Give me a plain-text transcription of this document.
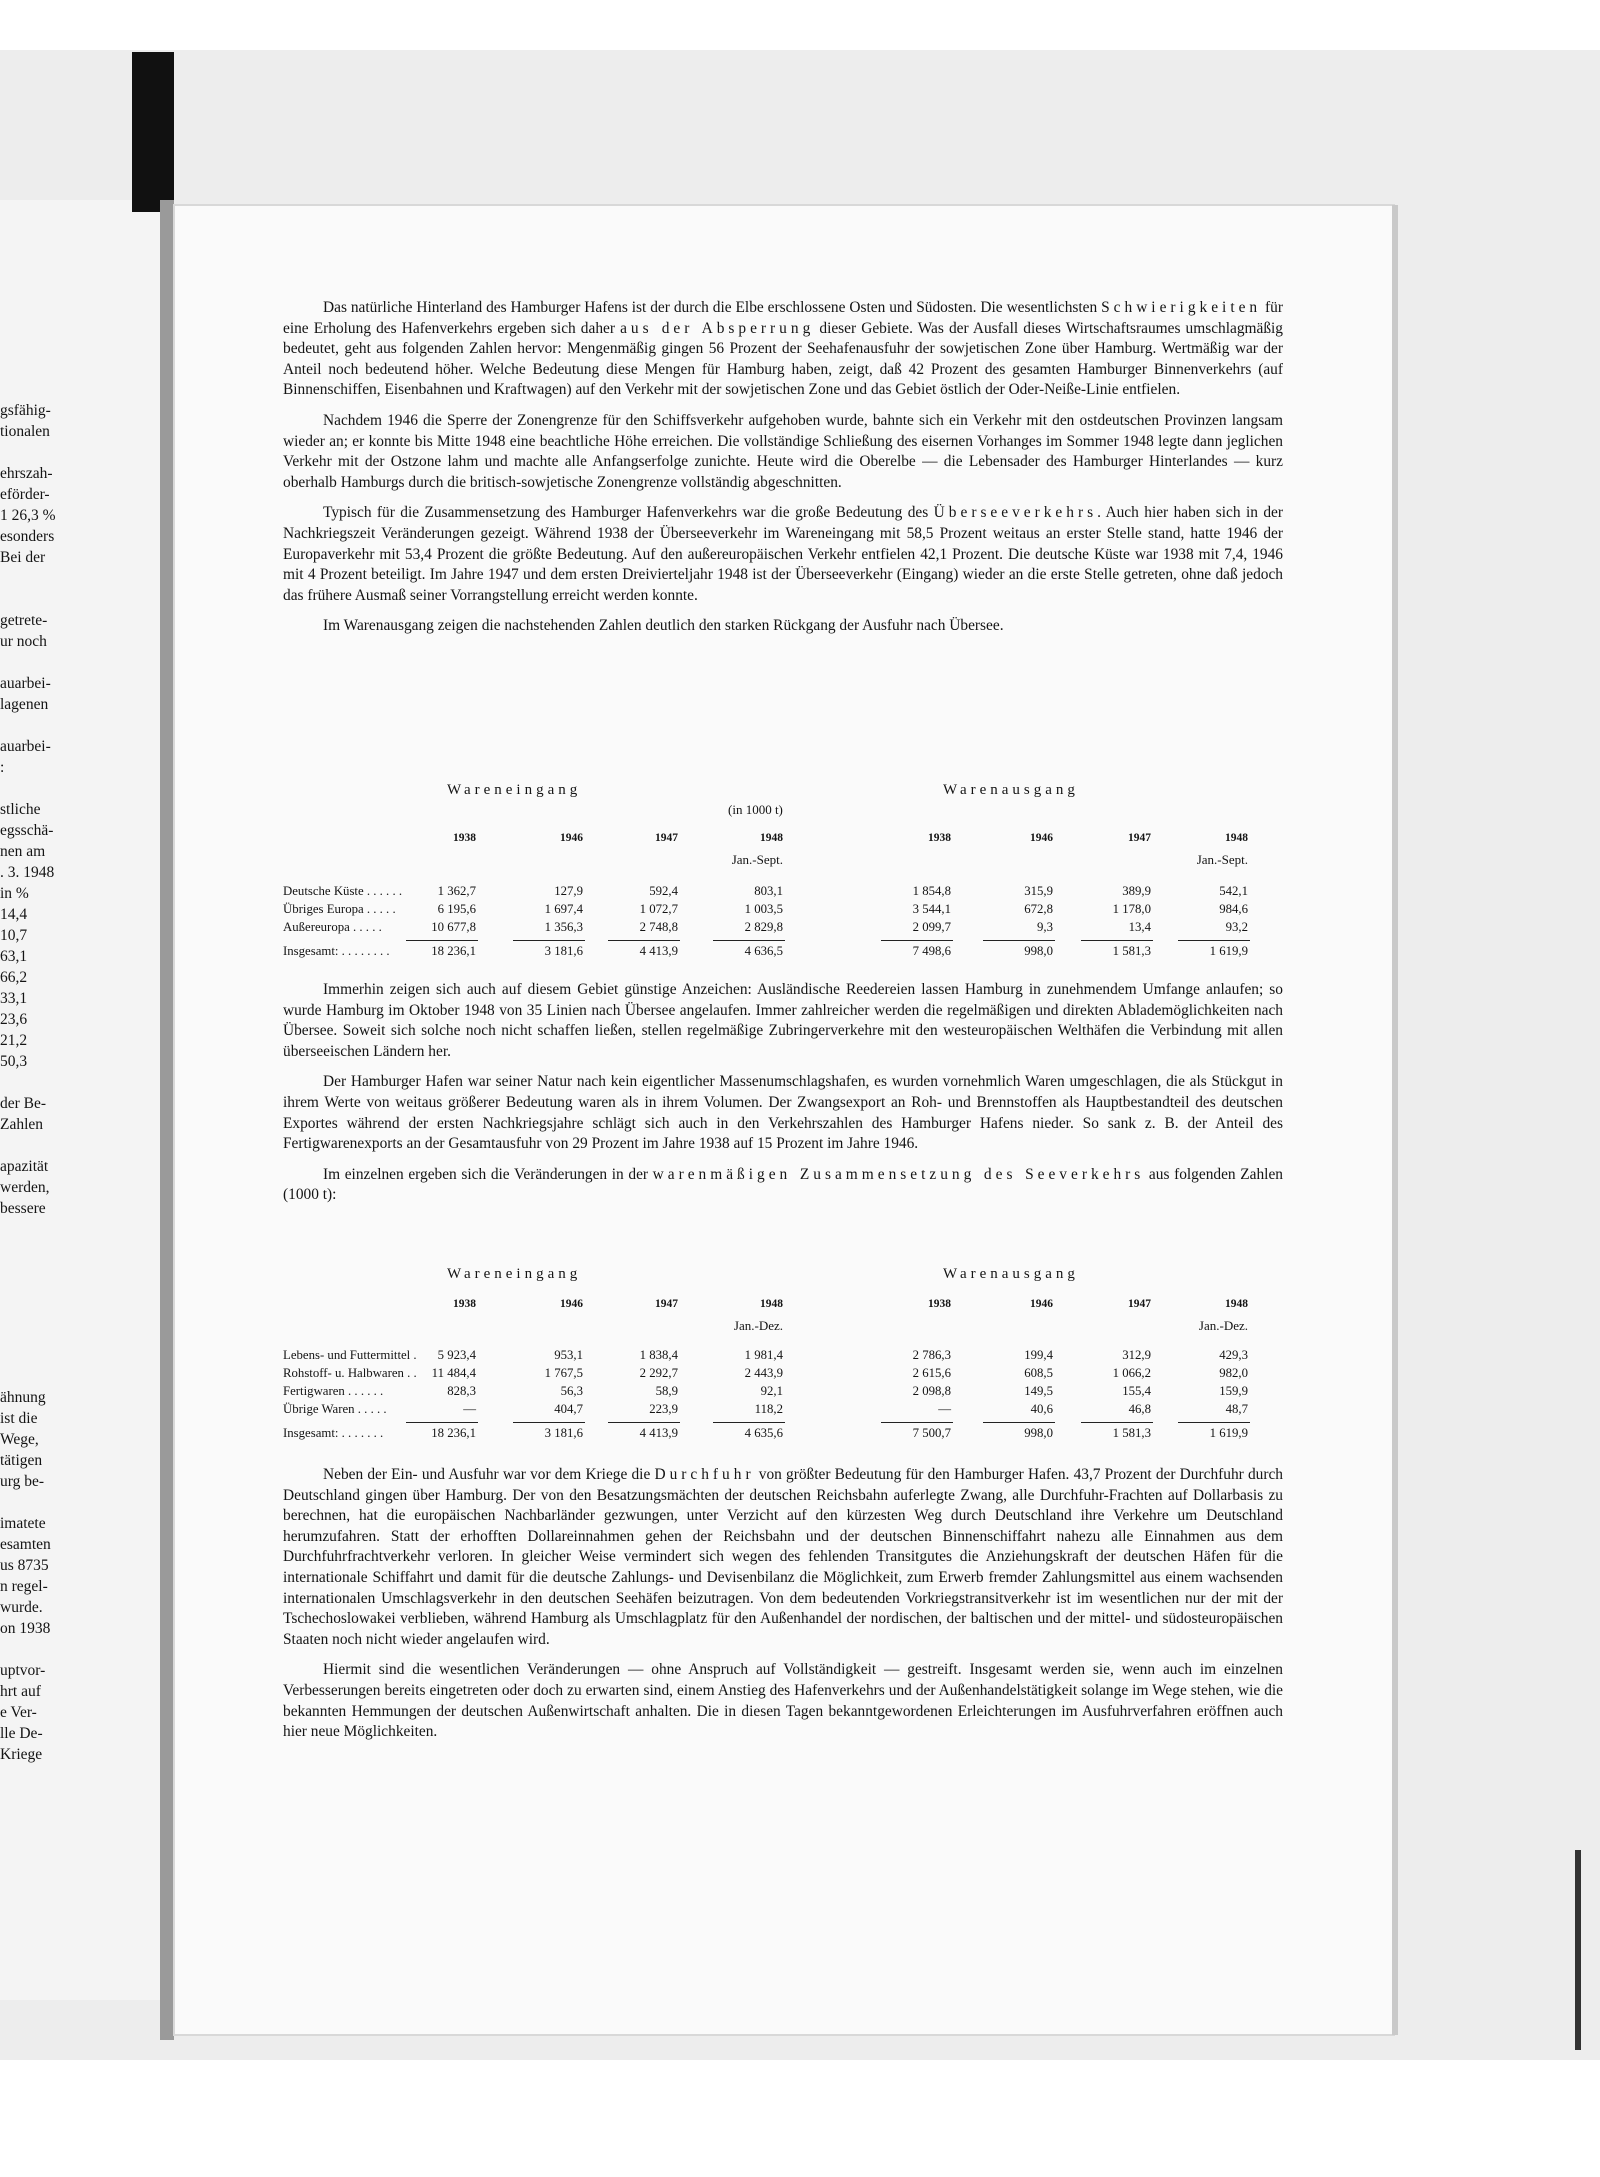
gsfähig-
tionalen
ehrszah-
eförder-
1 26,3 %
esonders
Bei der
getrete-
ur noch
auarbei-
lagenen
auarbei-
:
stliche
egsschä-
nen am
. 3. 1948
in %
14,4
10,7
63,1
66,2
33,1
23,6
21,2
50,3
der Be-
Zahlen
apazität
werden,
bessere
ähnung
ist die
Wege,
tätigen
urg be-
imatete
esamten
us 8735
n regel-
wurde.
on 1938
uptvor-
hrt auf
e Ver-
lle De-
Kriege

Das natürliche Hinterland des Hamburger Hafens ist der durch die Elbe erschlossene Osten und Südosten. Die wesentlichsten Schwierigkeiten für eine Erholung des Hafenverkehrs ergeben sich daher aus der Absperrung dieser Gebiete. Was der Ausfall dieses Wirtschaftsraumes umschlagmäßig bedeutet, geht aus folgenden Zahlen hervor: Mengenmäßig gingen 56 Prozent der Seehafenausfuhr der sowjetischen Zone über Hamburg. Wertmäßig war der Anteil noch bedeutend höher. Welche Bedeutung diese Mengen für Hamburg haben, zeigt, daß 42 Prozent des gesamten Hamburger Binnenverkehrs (auf Binnenschiffen, Eisenbahnen und Kraftwagen) auf den Verkehr mit der sowjetischen Zone und das Gebiet östlich der Oder-Neiße-Linie entfielen.

Nachdem 1946 die Sperre der Zonengrenze für den Schiffsverkehr aufgehoben wurde, bahnte sich ein Verkehr mit den ostdeutschen Provinzen langsam wieder an; er konnte bis Mitte 1948 eine beachtliche Höhe erreichen. Die vollständige Schließung des eisernen Vorhanges im Sommer 1948 legte dann jeglichen Verkehr mit der Ostzone lahm und machte alle Anfangserfolge zunichte. Heute wird die Oberelbe — die Lebensader des Hamburger Hinterlandes — kurz oberhalb Hamburgs durch die britisch-sowjetische Zonengrenze vollständig abgeschnitten.

Typisch für die Zusammensetzung des Hamburger Hafenverkehrs war die große Bedeutung des Überseeverkehrs. Auch hier haben sich in der Nachkriegszeit Veränderungen gezeigt. Während 1938 der Überseeverkehr im Wareneingang mit 58,5 Prozent weitaus an erster Stelle stand, hatte 1946 der Europaverkehr mit 53,4 Prozent die größte Bedeutung. Auf den außereuropäischen Verkehr entfielen 42,1 Prozent. Die deutsche Küste war 1938 mit 7,4, 1946 mit 4 Prozent beteiligt. Im Jahre 1947 und dem ersten Dreivierteljahr 1948 ist der Überseeverkehr (Eingang) wieder an die erste Stelle getreten, ohne daß jedoch das frühere Ausmaß seiner Vorrangstellung erreicht werden konnte.

Im Warenausgang zeigen die nachstehenden Zahlen deutlich den starken Rückgang der Ausfuhr nach Übersee.

Wareneingang	Warenausgang
(in 1000 t)
1938	1946	1947	1948	1938	1946	1947	1948
Jan.-Sept.	Jan.-Sept.
Deutsche Küste . . . . . .	1 362,7	127,9	592,4	803,1	1 854,8	315,9	389,9	542,1
Übriges Europa . . . . .	6 195,6	1 697,4	1 072,7	1 003,5	3 544,1	672,8	1 178,0	984,6
Außereuropa . . . . .	10 677,8	1 356,3	2 748,8	2 829,8	2 099,7	9,3	13,4	93,2
Insgesamt: . . . . . . . .	18 236,1	3 181,6	4 413,9	4 636,5	7 498,6	998,0	1 581,3	1 619,9

Immerhin zeigen sich auch auf diesem Gebiet günstige Anzeichen: Ausländische Reedereien lassen Hamburg in zunehmendem Umfange anlaufen; so wurde Hamburg im Oktober 1948 von 35 Linien nach Übersee angelaufen. Immer zahlreicher werden die regelmäßigen und direkten Ablademöglichkeiten nach Übersee. Soweit sich solche noch nicht schaffen ließen, stellen regelmäßige Zubringerverkehre mit den westeuropäischen Welthäfen die Verbindung mit allen überseeischen Ländern her.

Der Hamburger Hafen war seiner Natur nach kein eigentlicher Massenumschlagshafen, es wurden vornehmlich Waren umgeschlagen, die als Stückgut in ihrem Werte von weitaus größerer Bedeutung waren als in ihrem Volumen. Der Zwangsexport an Roh- und Brennstoffen als Hauptbestandteil des deutschen Exportes während der ersten Nachkriegsjahre schlägt sich auch in den Verkehrszahlen des Hamburger Hafens nieder. So sank z. B. der Anteil des Fertigwarenexports an der Gesamtausfuhr von 29 Prozent im Jahre 1938 auf 15 Prozent im Jahre 1946.

Im einzelnen ergeben sich die Veränderungen in der warenmäßigen Zusammensetzung des Seeverkehrs aus folgenden Zahlen (1000 t):

Wareneingang	Warenausgang
1938	1946	1947	1948	1938	1946	1947	1948
Jan.-Dez.	Jan.-Dez.
Lebens- und Futtermittel .	5 923,4	953,1	1 838,4	1 981,4	2 786,3	199,4	312,9	429,3
Rohstoff- u. Halbwaren . .	11 484,4	1 767,5	2 292,7	2 443,9	2 615,6	608,5	1 066,2	982,0
Fertigwaren . . . . . .	828,3	56,3	58,9	92,1	2 098,8	149,5	155,4	159,9
Übrige Waren . . . . .	—	404,7	223,9	118,2	—	40,6	46,8	48,7
Insgesamt: . . . . . . .	18 236,1	3 181,6	4 413,9	4 635,6	7 500,7	998,0	1 581,3	1 619,9

Neben der Ein- und Ausfuhr war vor dem Kriege die Durchfuhr von größter Bedeutung für den Hamburger Hafen. 43,7 Prozent der Durchfuhr durch Deutschland gingen über Hamburg. Der von den Besatzungsmächten der deutschen Reichsbahn auferlegte Zwang, alle Durchfuhr-Frachten auf Dollarbasis zu berechnen, hat die europäischen Nachbarländer gezwungen, unter Verzicht auf den kürzesten Weg durch Deutschland ihre Verkehre um Deutschland herumzufahren. Statt der erhofften Dollareinnahmen gehen der Reichsbahn und der deutschen Binnenschiffahrt nahezu alle Einnahmen aus dem Durchfuhrfrachtverkehr verloren. In gleicher Weise vermindert sich wegen des fehlenden Transitgutes die Anziehungskraft der deutschen Häfen für die internationale Schiffahrt und damit für die deutsche Zahlungs- und Devisenbilanz die Möglichkeit, zum Erwerb fremder Zahlungsmittel aus einem wachsenden internationalen Umschlagsverkehr in den deutschen Seehäfen beizutragen. Von dem bedeutenden Vorkriegstransitverkehr ist im wesentlichen nur der mit der Tschechoslowakei verblieben, während Hamburg als Umschlagplatz für den Außenhandel der nordischen, der baltischen und der mittel- und südosteuropäischen Staaten noch nicht wieder angelaufen wird.

Hiermit sind die wesentlichen Veränderungen — ohne Anspruch auf Vollständigkeit — gestreift. Insgesamt werden sie, wenn auch im einzelnen Verbesserungen bereits eingetreten oder doch zu erwarten sind, einem Anstieg des Hafenverkehrs und der Außenhandelstätigkeit solange im Wege stehen, wie die bekannten Hemmungen der deutschen Außenwirtschaft anhalten. Die in diesen Tagen bekanntgewordenen Erleichterungen im Ausfuhrverfahren eröffnen auch hier neue Möglichkeiten.
